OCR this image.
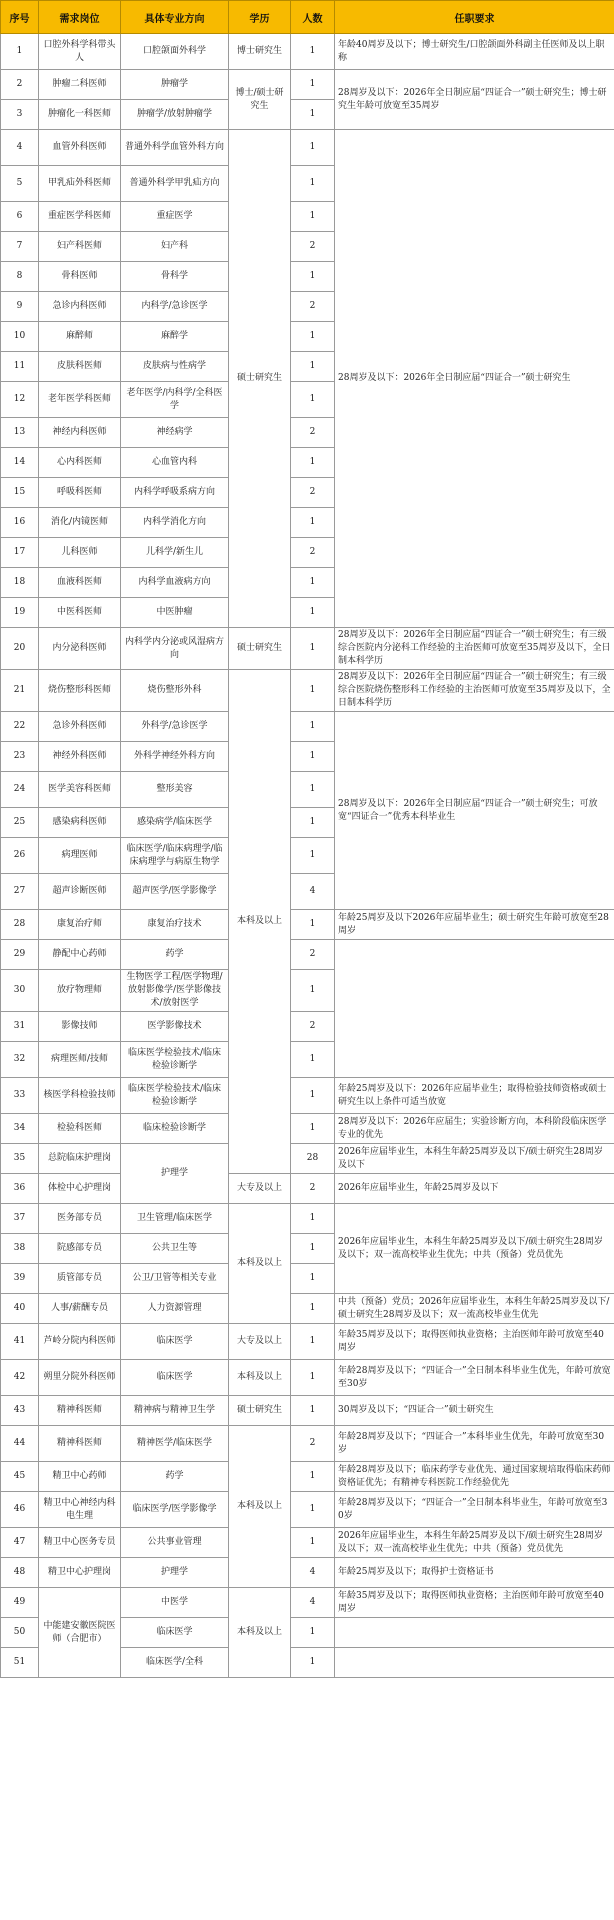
序号	需求岗位	具体专业方向	学历	人数	任职要求
1	口腔外科学科带头人	口腔颌面外科学	博士研究生	1	年龄40周岁及以下；博士研究生/口腔颌面外科副主任医师及以上职称
2	肿瘤二科医师	肿瘤学	博士/硕士研究生	1	28周岁及以下：2026年全日制应届“四证合一”硕士研究生；博士研究生年龄可放宽至35周岁
3	肿瘤化一科医师	肿瘤学/放射肿瘤学		1	
4	血管外科医师	普通外科学血管外科方向	硕士研究生	1	28周岁及以下：2026年全日制应届“四证合一”硕士研究生
5	甲乳疝外科医师	普通外科学甲乳疝方向		1	
6	重症医学科医师	重症医学		1	
7	妇产科医师	妇产科		2	
8	骨科医师	骨科学		1	
9	急诊内科医师	内科学/急诊医学		2	
10	麻醉师	麻醉学		1	
11	皮肤科医师	皮肤病与性病学		1	
12	老年医学科医师	老年医学/内科学/全科医学		1	
13	神经内科医师	神经病学		2	
14	心内科医师	心血管内科		1	
15	呼吸科医师	内科学呼吸系病方向		2	
16	消化/内镜医师	内科学消化方向		1	
17	儿科医师	儿科学/新生儿		2	
18	血液科医师	内科学血液病方向		1	
19	中医科医师	中医肿瘤		1	
20	内分泌科医师	内科学内分泌或风湿病方向	硕士研究生	1	28周岁及以下：2026年全日制应届“四证合一”硕士研究生；有三级综合医院内分泌科工作经验的主治医师可放宽至35周岁及以下，全日制本科学历
21	烧伤整形科医师	烧伤整形外科	本科及以上	1	28周岁及以下：2026年全日制应届“四证合一”硕士研究生；有三级综合医院烧伤整形科工作经验的主治医师可放宽至35周岁及以下，全日制本科学历
22	急诊外科医师	外科学/急诊医学		1	28周岁及以下：2026年全日制应届“四证合一”硕士研究生；可放宽“四证合一”优秀本科毕业生
23	神经外科医师	外科学神经外科方向		1	
24	医学美容科医师	整形美容		1	
25	感染病科医师	感染病学/临床医学		1	
26	病理医师	临床医学/临床病理学/临床病理学与病原生物学		1	
27	超声诊断医师	超声医学/医学影像学		4	
28	康复治疗师	康复治疗技术		1	年龄25周岁及以下2026年应届毕业生；硕士研究生年龄可放宽至28周岁
29	静配中心药师	药学		2	
30	放疗物理师	生物医学工程/医学物理/放射影像学/医学影像技术/放射医学		1	
31	影像技师	医学影像技术		2	
32	病理医师/技师	临床医学检验技术/临床检验诊断学		1	
33	核医学科检验技师	临床医学检验技术/临床检验诊断学		1	年龄25周岁及以下：2026年应届毕业生；取得检验技师资格或硕士研究生以上条件可适当放宽
34	检验科医师	临床检验诊断学		1	28周岁及以下：2026年应届生；实验诊断方向，本科阶段临床医学专业的优先
35	总院临床护理岗	护理学		28	2026年应届毕业生，本科生年龄25周岁及以下/硕士研究生28周岁及以下
36	体检中心护理岗		大专及以上	2	2026年应届毕业生，年龄25周岁及以下
37	医务部专员	卫生管理/临床医学	本科及以上	1	2026年应届毕业生，本科生年龄25周岁及以下/硕士研究生28周岁及以下；双一流高校毕业生优先；中共（预备）党员优先
38	院感部专员	公共卫生等		1	
39	质管部专员	公卫/卫管等相关专业		1	
40	人事/薪酬专员	人力资源管理		1	中共（预备）党员；2026年应届毕业生，本科生年龄25周岁及以下/硕士研究生28周岁及以下；双一流高校毕业生优先
41	芦岭分院内科医师	临床医学	大专及以上	1	年龄35周岁及以下；取得医师执业资格；主治医师年龄可放宽至40周岁
42	朔里分院外科医师	临床医学	本科及以上	1	年龄28周岁及以下；“四证合一”全日制本科毕业生优先，年龄可放宽至30岁
43	精神科医师	精神病与精神卫生学	硕士研究生	1	30周岁及以下；“四证合一”硕士研究生
44	精神科医师	精神医学/临床医学	本科及以上	2	年龄28周岁及以下；“四证合一”本科毕业生优先，年龄可放宽至30岁
45	精卫中心药师	药学		1	年龄28周岁及以下；临床药学专业优先、通过国家规培取得临床药师资格证优先；有精神专科医院工作经验优先
46	精卫中心神经内科电生理	临床医学/医学影像学		1	年龄28周岁及以下；“四证合一”全日制本科毕业生，年龄可放宽至30岁
47	精卫中心医务专员	公共事业管理		1	2026年应届毕业生，本科生年龄25周岁及以下/硕士研究生28周岁及以下；双一流高校毕业生优先；中共（预备）党员优先
48	精卫中心护理岗	护理学		4	年龄25周岁及以下；取得护士资格证书
49	中能建安徽医院医师（合肥市）	中医学	本科及以上	4	年龄35周岁及以下；取得医师执业资格；主治医师年龄可放宽至40周岁
50		临床医学		1	
51		临床医学/全科		1	
